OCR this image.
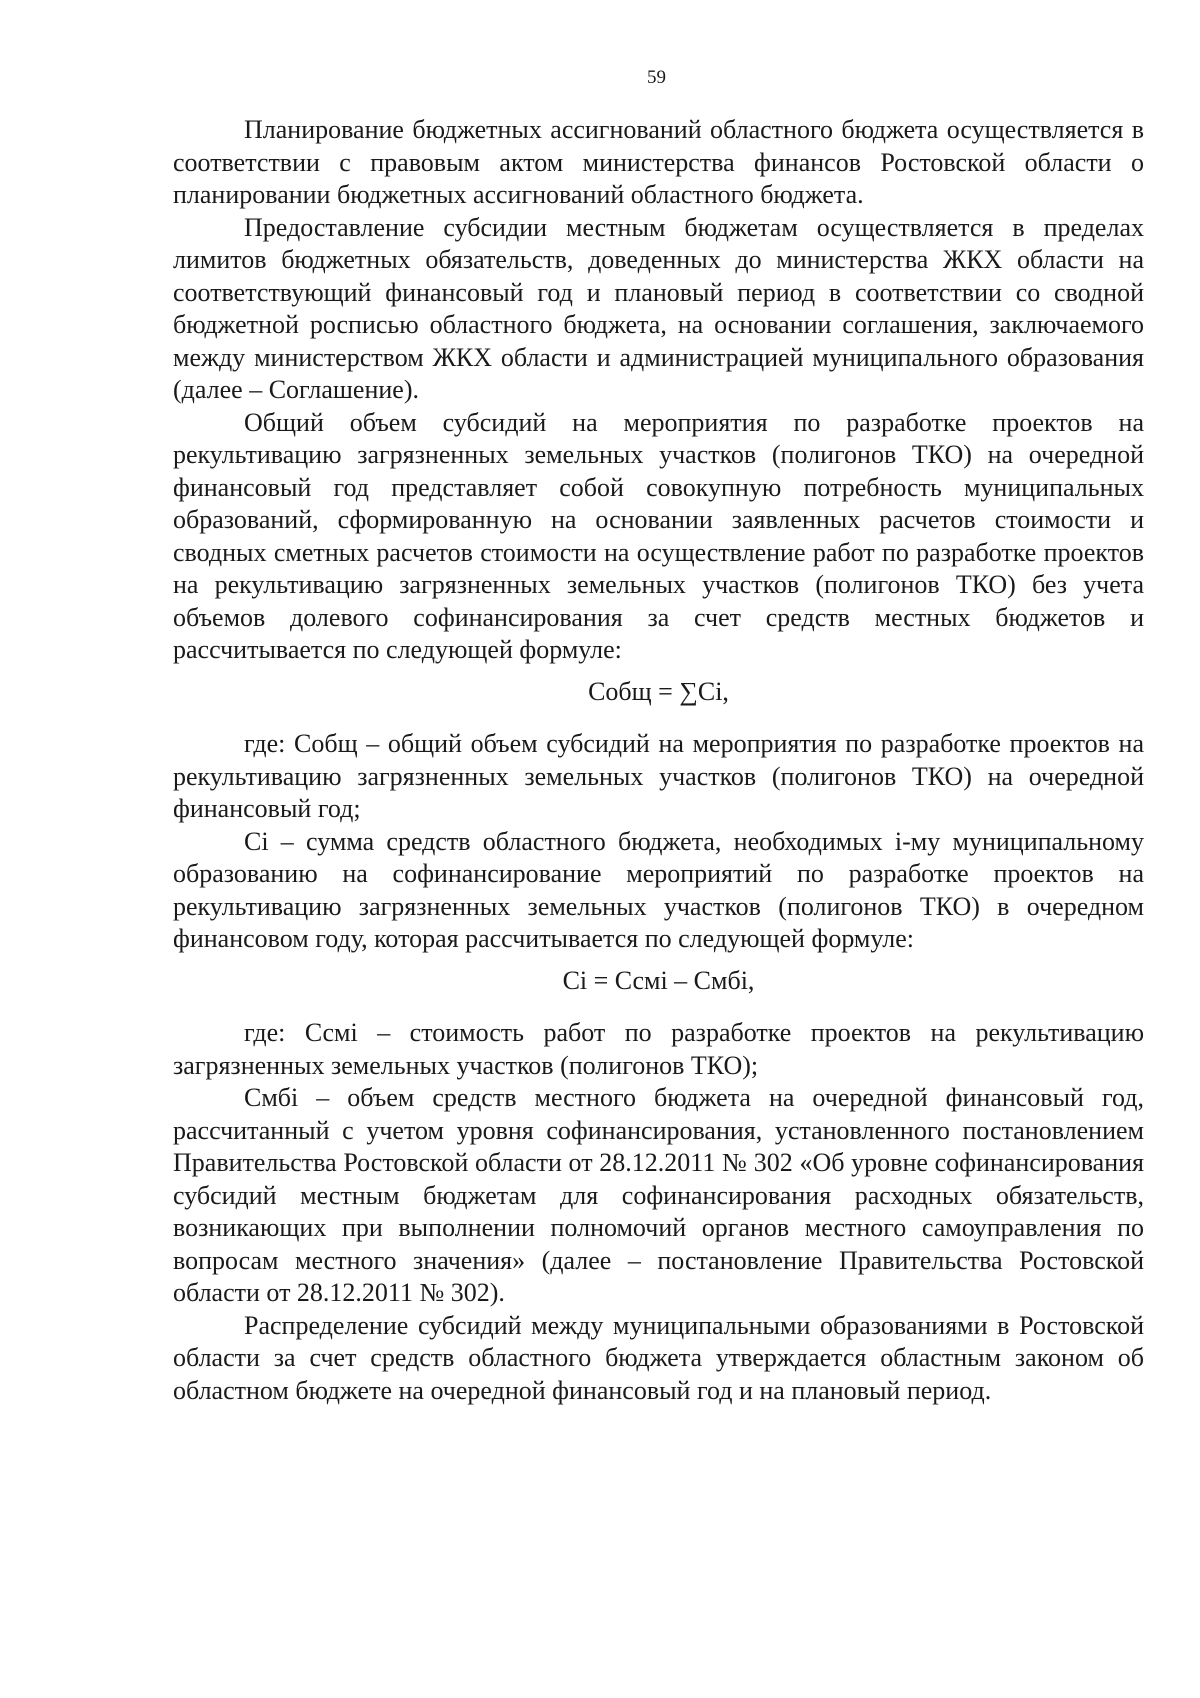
59

Планирование бюджетных ассигнований областного бюджета осуществляется в соответствии с правовым актом министерства финансов Ростовской области о планировании бюджетных ассигнований областного бюджета.

Предоставление субсидии местным бюджетам осуществляется в пределах лимитов бюджетных обязательств, доведенных до министерства ЖКХ области на соответствующий финансовый год и плановый период в соответствии со сводной бюджетной росписью областного бюджета, на основании соглашения, заключаемого между министерством ЖКХ области и администрацией муниципального образования (далее – Соглашение).

Общий объем субсидий на мероприятия по разработке проектов на рекультивацию загрязненных земельных участков (полигонов ТКО) на очередной финансовый год представляет собой совокупную потребность муниципальных образований, сформированную на основании заявленных расчетов стоимости и сводных сметных расчетов стоимости на осуществление работ по разработке проектов на рекультивацию загрязненных земельных участков (полигонов ТКО) без учета объемов долевого софинансирования за счет средств местных бюджетов и рассчитывается по следующей формуле:

Собщ = ∑Ci,

где: Собщ – общий объем субсидий на мероприятия по разработке проектов на рекультивацию загрязненных земельных участков (полигонов ТКО) на очередной финансовый год;

Ci – сумма средств областного бюджета, необходимых i-му муниципальному образованию на софинансирование мероприятий по разработке проектов на рекультивацию загрязненных земельных участков (полигонов ТКО) в очередном финансовом году, которая рассчитывается по следующей формуле:

Ci = Ссмi – Смбi,

где: Ссмi – стоимость работ по разработке проектов на рекультивацию загрязненных земельных участков (полигонов ТКО);

Смбi – объем средств местного бюджета на очередной финансовый год, рассчитанный с учетом уровня софинансирования, установленного постановлением Правительства Ростовской области от 28.12.2011 № 302 «Об уровне софинансирования субсидий местным бюджетам для софинансирования расходных обязательств, возникающих при выполнении полномочий органов местного самоуправления по вопросам местного значения» (далее – постановление Правительства Ростовской области от 28.12.2011 № 302).

Распределение субсидий между муниципальными образованиями в Ростовской области за счет средств областного бюджета утверждается областным законом об областном бюджете на очередной финансовый год и на плановый период.
